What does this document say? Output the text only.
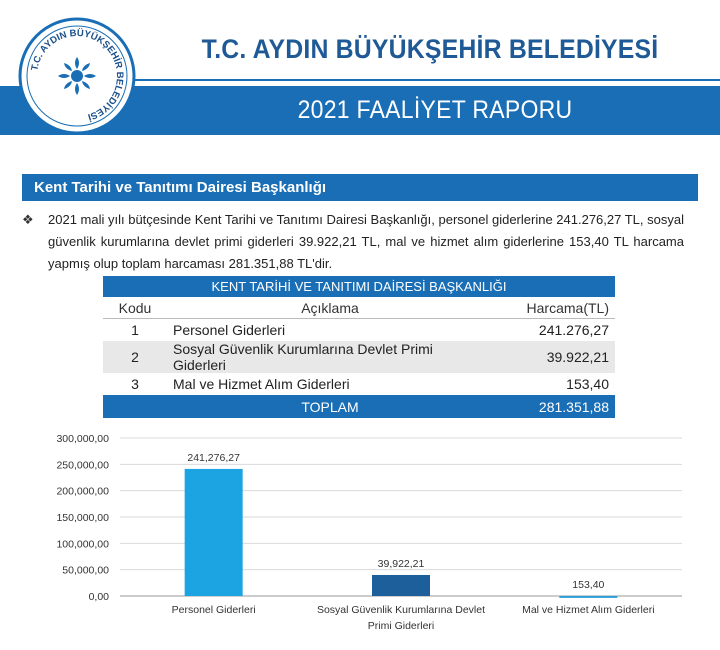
T.C. AYDIN BÜYÜKŞEHİR BELEDİYESİ
2021 FAALİYET RAPORU
T.C. AYDIN BÜYÜKŞEHİR BELEDİYESİ
Kent Tarihi ve Tanıtımı Dairesi Başkanlığı
❖ 2021 mali yılı bütçesinde Kent Tarihi ve Tanıtımı Dairesi Başkanlığı, personel giderlerine 241.276,27 TL, sosyal güvenlik kurumlarına devlet primi giderleri 39.922,21 TL, mal ve hizmet alım giderlerine 153,40 TL harcama yapmış olup toplam harcaması 281.351,88 TL'dir.
KENT TARİHİ VE TANITIMI DAİRESİ BAŞKANLIĞI		
Kodu	Açıklama	Harcama(TL)
1	Personel Giderleri	241.276,27
2	Sosyal Güvenlik Kurumlarına Devlet Primi Giderleri	39.922,21
3	Mal ve Hizmet Alım Giderleri	153,40
	TOPLAM	281.351,88
0,00
50,000,00
100,000,00
150,000,00
200,000,00
250,000,00
300,000,00
241,276,27
Personel Giderleri
39,922,21
Sosyal Güvenlik Kurumlarına Devlet
Primi Giderleri
153,40
Mal ve Hizmet Alım Giderleri
